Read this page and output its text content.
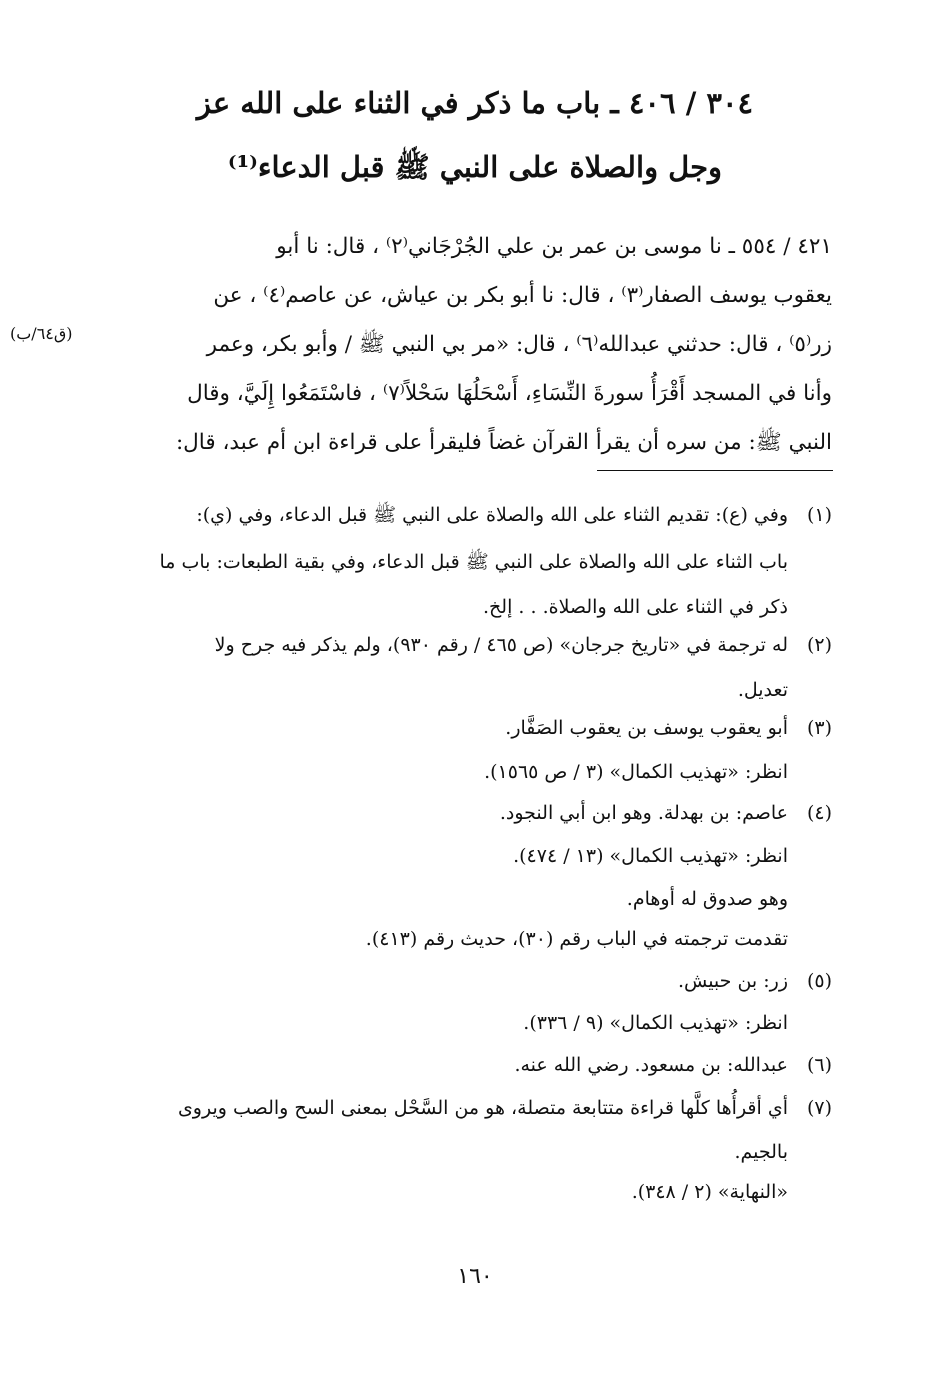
٣٠٤ / ٤٠٦ ـ باب ما ذكر في الثناء على الله عز
وجل والصلاة على النبي ﷺ قبل الدعاء⁽¹⁾
٤٢١ / ٥٥٤ ـ نا موسى بن عمر بن علي الجُرْجَاني⁽٢⁾ ، قال: نا أبو
يعقوب يوسف الصفار⁽٣⁾ ، قال: نا أبو بكر بن عياش، عن عاصم⁽٤⁾ ، عن
زر⁽٥⁾ ، قال: حدثني عبدالله⁽٦⁾ ، قال: «مر بي النبي ﷺ / وأبو بكر، وعمر
وأنا في المسجد أَقْرَأُ سورةَ النِّسَاءِ، أَسْحَلُهَا سَحْلاً⁽٧⁾ ، فاسْتَمَعُوا إِلَيَّ، وقال
النبي ﷺ: من سره أن يقرأ القرآن غضاً فليقرأ على قراءة ابن أم عبد، قال:
(ق٦٤/ب)
(١)وفي (ع): تقديم الثناء على الله والصلاة على النبي ﷺ قبل الدعاء، وفي (ي):
باب الثناء على الله والصلاة على النبي ﷺ قبل الدعاء، وفي بقية الطبعات: باب ما
ذكر في الثناء على الله والصلاة. . . إلخ.
(٢)له ترجمة في «تاريخ جرجان» (ص ٤٦٥ / رقم ٩٣٠)، ولم يذكر فيه جرح ولا
تعديل.
(٣)أبو يعقوب يوسف بن يعقوب الصَفَّار.
انظر: «تهذيب الكمال» (٣ / ص ١٥٦٥).
(٤)عاصم: بن بهدلة. وهو ابن أبي النجود.
انظر: «تهذيب الكمال» (١٣ / ٤٧٤).
وهو صدوق له أوهام.
تقدمت ترجمته في الباب رقم (٣٠)، حديث رقم (٤١٣).
(٥)زر: بن حبيش.
انظر: «تهذيب الكمال» (٩ / ٣٣٦).
(٦)عبدالله: بن مسعود. رضي الله عنه.
(٧)أي أقرأُها كلَّها قراءة متتابعة متصلة، هو من السَّحْل بمعنى السح والصب ويروى
بالجيم.
«النهاية» (٢ / ٣٤٨).
١٦٠
